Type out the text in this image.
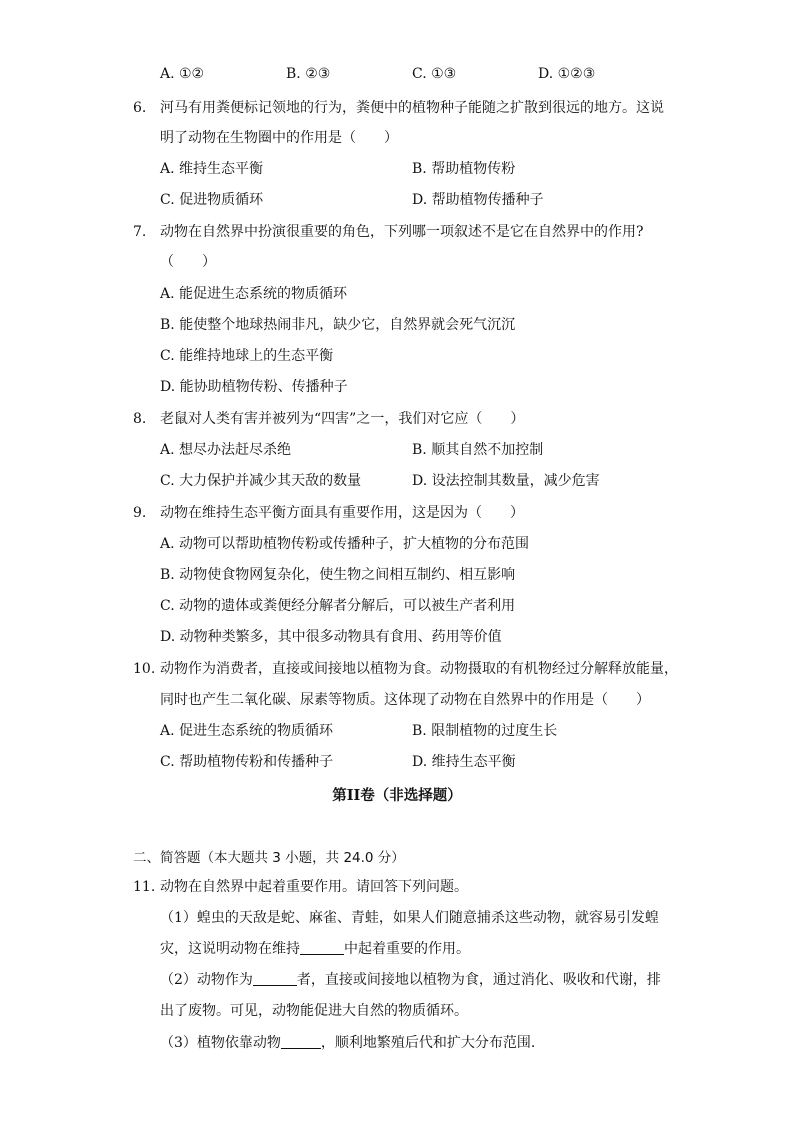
A. ①②	B. ②③	C. ①③	D. ①②③
6. 河马有用粪便标记领地的行为，粪便中的植物种子能随之扩散到很远的地方。这说
明了动物在生物圈中的作用是（　　）
A. 维持生态平衡	B. 帮助植物传粉
C. 促进物质循环	D. 帮助植物传播种子
7. 动物在自然界中扮演很重要的角色，下列哪一项叙述不是它在自然界中的作用?
（　　）
A. 能促进生态系统的物质循环
B. 能使整个地球热闹非凡，缺少它，自然界就会死气沉沉
C. 能维持地球上的生态平衡
D. 能协助植物传粉、传播种子
8. 老鼠对人类有害并被列为“四害”之一，我们对它应（　　）
A. 想尽办法赶尽杀绝	B. 顺其自然不加控制
C. 大力保护并减少其天敌的数量	D. 设法控制其数量，减少危害
9. 动物在维持生态平衡方面具有重要作用，这是因为（　　）
A. 动物可以帮助植物传粉或传播种子，扩大植物的分布范围
B. 动物使食物网复杂化，使生物之间相互制约、相互影响
C. 动物的遗体或粪便经分解者分解后，可以被生产者利用
D. 动物种类繁多，其中很多动物具有食用、药用等价值
10. 动物作为消费者，直接或间接地以植物为食。动物摄取的有机物经过分解释放能量，
同时也产生二氧化碳、尿素等物质。这体现了动物在自然界中的作用是（　　）
A. 促进生态系统的物质循环	B. 限制植物的过度生长
C. 帮助植物传粉和传播种子	D. 维持生态平衡
第II卷（非选择题）
二、简答题（本大题共 3 小题，共 24.0 分）
11. 动物在自然界中起着重要作用。请回答下列问题。
（1）蝗虫的天敌是蛇、麻雀、青蛙，如果人们随意捕杀这些动物，就容易引发蝗
灾，这说明动物在维持	中起着重要的作用。
（2）动物作为	者，直接或间接地以植物为食，通过消化、吸收和代谢，排
出了废物。可见，动物能促进大自然的物质循环。
（3）植物依靠动物	，顺利地繁殖后代和扩大分布范围.
